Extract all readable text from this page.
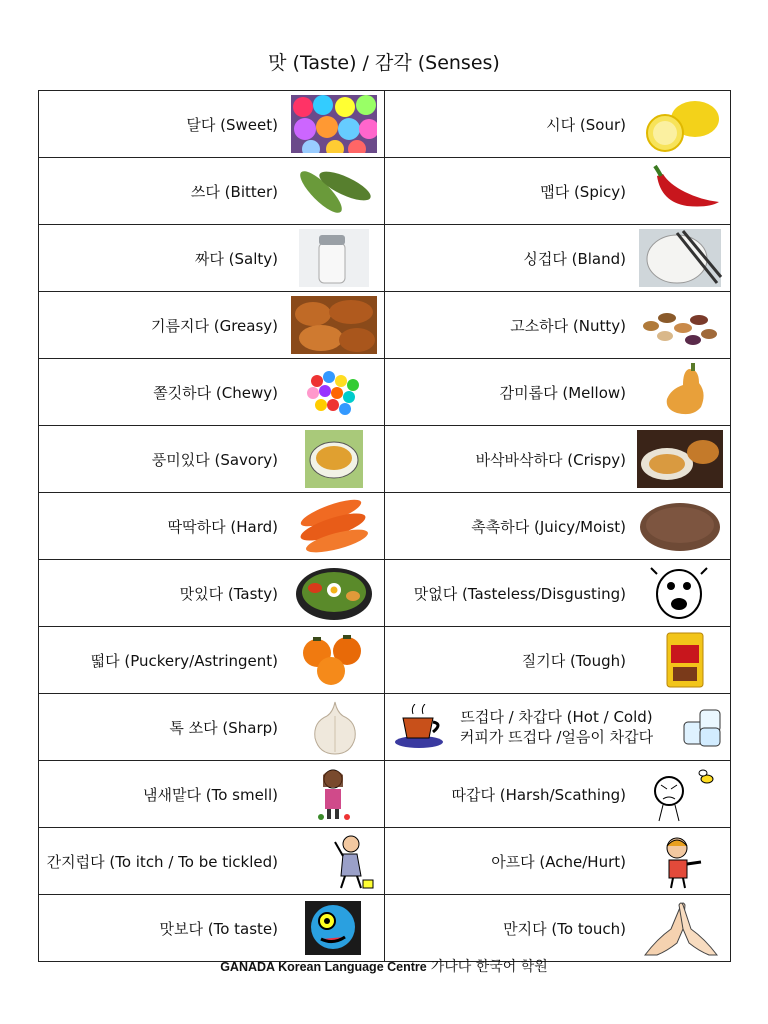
맛 (Taste) / 감각 (Senses)
달다 (Sweet)	시다 (Sour)

쓰다 (Bitter)	맵다 (Spicy)

짜다 (Salty)	싱겁다 (Bland)

기름지다 (Greasy)	고소하다 (Nutty)

쫄깃하다 (Chewy)	감미롭다 (Mellow)

풍미있다 (Savory)	바삭바삭하다 (Crispy)

딱딱하다 (Hard)	촉촉하다 (Juicy/Moist)

맛있다 (Tasty)	맛없다 (Tasteless/Disgusting)

떫다 (Puckery/Astringent)	질기다 (Tough)

톡 쏘다 (Sharp)	뜨겁다 / 차갑다 (Hot / Cold)
커피가 뜨겁다 /얼음이 차갑다

냄새맡다 (To smell)	따갑다 (Harsh/Scathing)

간지럽다 (To itch / To be tickled)	아프다 (Ache/Hurt)

맛보다 (To taste)	만지다 (To touch)
GANADA Korean Language Centre 가나다 한국어 학원
